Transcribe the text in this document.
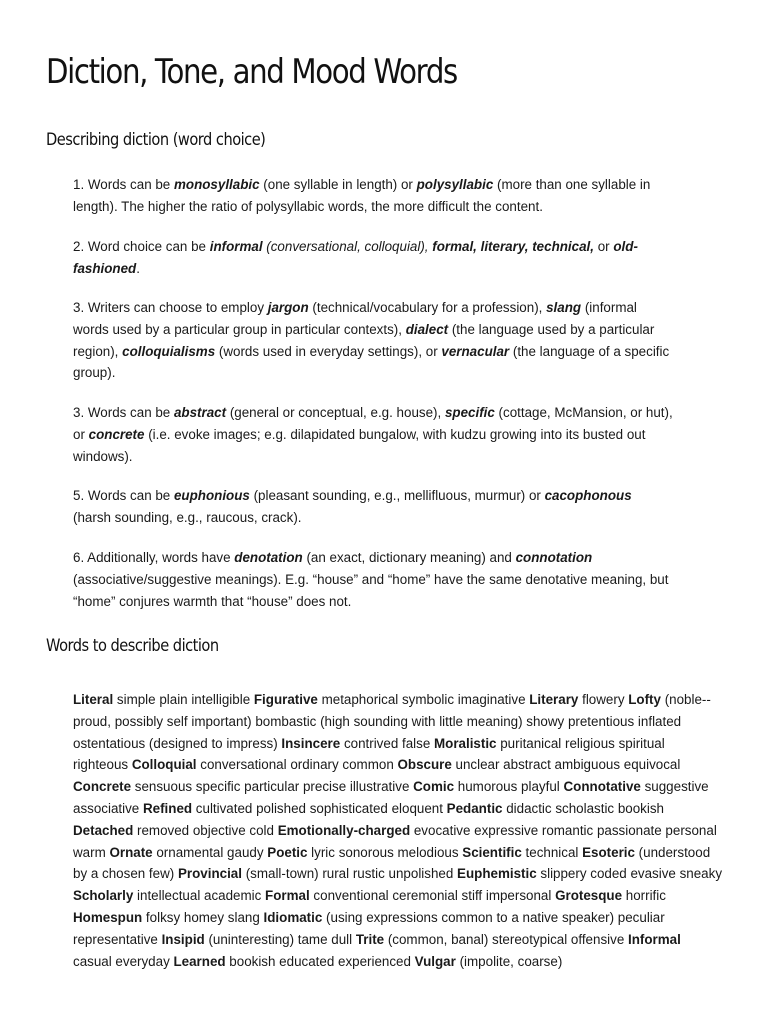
Diction, Tone, and Mood Words
Describing diction (word choice)

1. Words can be monosyllabic (one syllable in length) or polysyllabic (more than one syllable in length). The higher the ratio of polysyllabic words, the more difficult the content.

2. Word choice can be informal (conversational, colloquial), formal, literary, technical, or old-fashioned.

3. Writers can choose to employ jargon (technical/vocabulary for a profession), slang (informal words used by a particular group in particular contexts), dialect (the language used by a particular region), colloquialisms (words used in everyday settings), or vernacular (the language of a specific group).

3. Words can be abstract (general or conceptual, e.g. house), specific (cottage, McMansion, or hut), or concrete (i.e. evoke images; e.g. dilapidated bungalow, with kudzu growing into its busted out windows).

5. Words can be euphonious (pleasant sounding, e.g., mellifluous, murmur) or cacophonous (harsh sounding, e.g., raucous, crack).

6. Additionally, words have denotation (an exact, dictionary meaning) and connotation (associative/suggestive meanings). E.g. “house” and “home” have the same denotative meaning, but “home” conjures warmth that “house” does not.

Words to describe diction

Literal simple plain intelligible Figurative metaphorical symbolic imaginative Literary flowery Lofty (noble--proud, possibly self important) bombastic (high sounding with little meaning) showy pretentious inflated ostentatious (designed to impress) Insincere contrived false Moralistic puritanical religious spiritual righteous Colloquial conversational ordinary common Obscure unclear abstract ambiguous equivocal Concrete sensuous specific particular precise illustrative Comic humorous playful Connotative suggestive associative Refined cultivated polished sophisticated eloquent Pedantic didactic scholastic bookish Detached removed objective cold Emotionally-charged evocative expressive romantic passionate personal warm Ornate ornamental gaudy Poetic lyric sonorous melodious Scientific technical Esoteric (understood by a chosen few) Provincial (small-town) rural rustic unpolished Euphemistic slippery coded evasive sneaky Scholarly intellectual academic Formal conventional ceremonial stiff impersonal Grotesque horrific Homespun folksy homey slang Idiomatic (using expressions common to a native speaker) peculiar representative Insipid (uninteresting) tame dull Trite (common, banal) stereotypical offensive Informal casual everyday Learned bookish educated experienced Vulgar (impolite, coarse)
